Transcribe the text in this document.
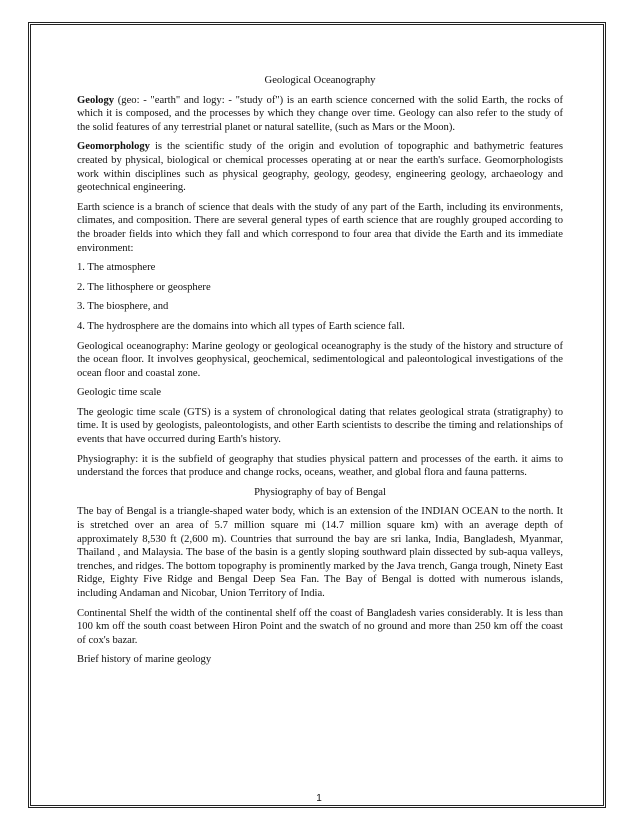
Geological Oceanography

Geology (geo: - "earth" and logy: - "study of") is an earth science concerned with the solid Earth, the rocks of which it is composed, and the processes by which they change over time. Geology can also refer to the study of the solid features of any terrestrial planet or natural satellite, (such as Mars or the Moon).

Geomorphology is the scientific study of the origin and evolution of topographic and bathymetric features created by physical, biological or chemical processes operating at or near the earth's surface. Geomorphologists work within disciplines such as physical geography, geology, geodesy, engineering geology, archaeology and geotechnical engineering.

Earth science is a branch of science that deals with the study of any part of the Earth, including its environments, climates, and composition. There are several general types of earth science that are roughly grouped according to the broader fields into which they fall and which correspond to four area that divide the Earth and its immediate environment:

1. The atmosphere

2. The lithosphere or geosphere

3. The biosphere, and

4. The hydrosphere are the domains into which all types of Earth science fall.

Geological oceanography: Marine geology or geological oceanography is the study of the history and structure of the ocean floor. It involves geophysical, geochemical, sedimentological and paleontological investigations of the ocean floor and coastal zone.

Geologic time scale

The geologic time scale (GTS) is a system of chronological dating that relates geological strata (stratigraphy) to time. It is used by geologists, paleontologists, and other Earth scientists to describe the timing and relationships of events that have occurred during Earth's history.

Physiography: it is the subfield of geography that studies physical pattern and processes of the earth. it aims to understand the forces that produce and change rocks, oceans, weather, and global flora and fauna patterns.

Physiography of bay of Bengal

The bay of Bengal is a triangle-shaped water body, which is an extension of the INDIAN OCEAN to the north. It is stretched over an area of 5.7 million square mi (14.7 million square km) with an average depth of approximately 8,530 ft (2,600 m). Countries that surround the bay are sri lanka, India, Bangladesh, Myanmar, Thailand , and Malaysia. The base of the basin is a gently sloping southward plain dissected by sub-aqua valleys, trenches, and ridges. The bottom topography is prominently marked by the Java trench, Ganga trough, Ninety East Ridge, Eighty Five Ridge and Bengal Deep Sea Fan. The Bay of Bengal is dotted with numerous islands, including Andaman and Nicobar, Union Territory of India.

Continental Shelf the width of the continental shelf off the coast of Bangladesh varies considerably. It is less than 100 km off the south coast between Hiron Point and the swatch of no ground and more than 250 km off the coast of cox's bazar.

Brief history of marine geology

1
